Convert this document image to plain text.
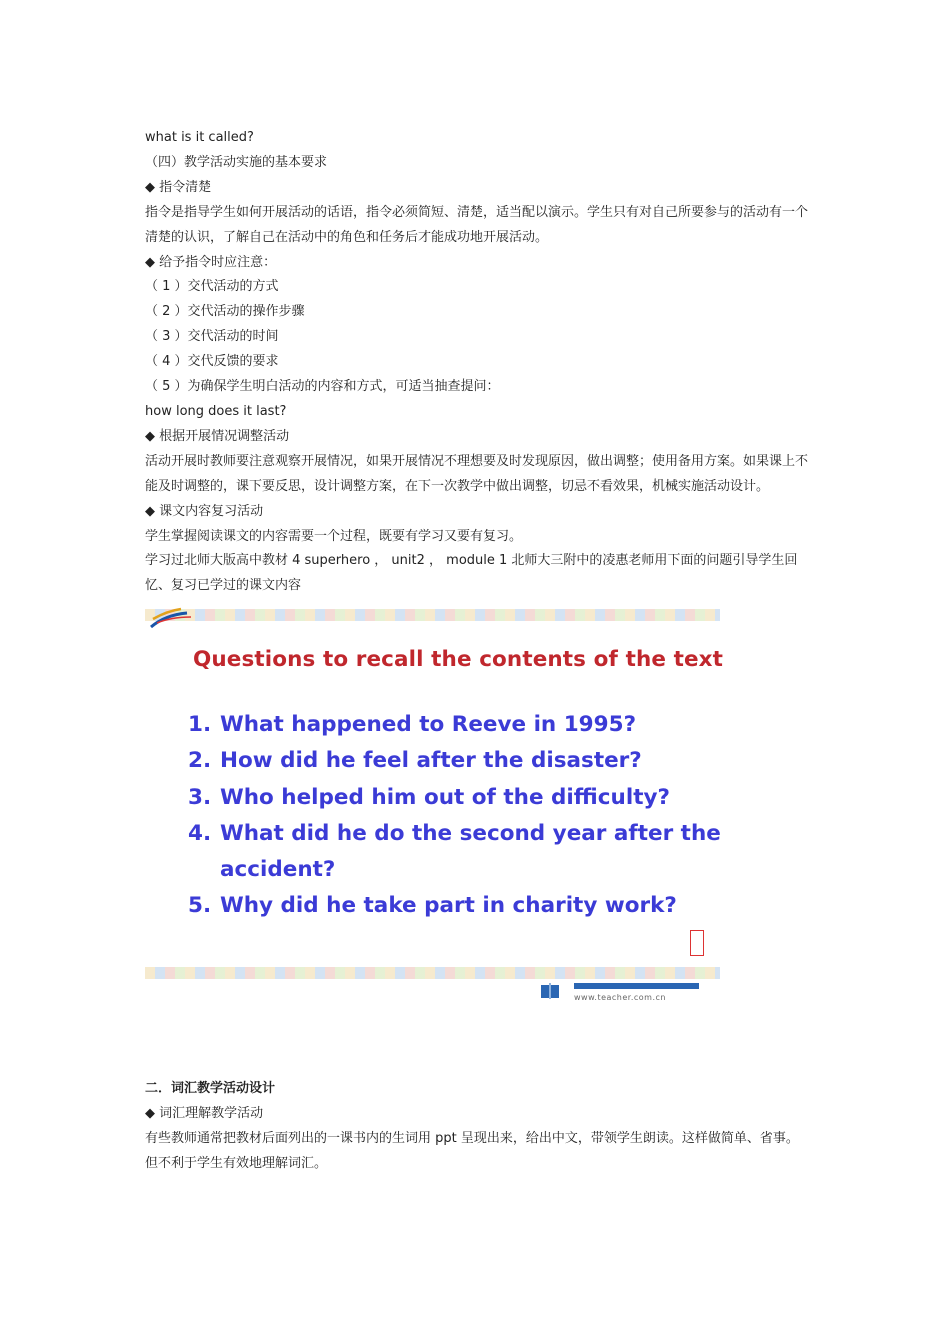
what is it called?
（四）教学活动实施的基本要求
◆ 指令清楚
指令是指导学生如何开展活动的话语，指令必须简短、清楚，适当配以演示。学生只有对自己所要参与的活动有一个清楚的认识，了解自己在活动中的角色和任务后才能成功地开展活动。
◆ 给予指令时应注意：
（ 1 ）交代活动的方式
（ 2 ）交代活动的操作步骤
（ 3 ）交代活动的时间
（ 4 ）交代反馈的要求
（ 5 ）为确保学生明白活动的内容和方式，可适当抽查提问：
how long does it last?
◆ 根据开展情况调整活动
活动开展时教师要注意观察开展情况，如果开展情况不理想要及时发现原因，做出调整；使用备用方案。如果课上不能及时调整的，课下要反思，设计调整方案，在下一次教学中做出调整，切忌不看效果，机械实施活动设计。
◆ 课文内容复习活动
学生掌握阅读课文的内容需要一个过程，既要有学习又要有复习。
学习过北师大版高中教材 4 superhero ， unit2 ， module 1 北师大三附中的凌惠老师用下面的问题引导学生回忆、复习已学过的课文内容
Questions to recall the contents of the text
1. What happened to Reeve in 1995?
2. How did he feel after the disaster?
3. Who helped him out of the difficulty?
4. What did he do the second year after the
accident?
5. Why did he take part in charity work?
www.teacher.com.cn
二．词汇教学活动设计
◆ 词汇理解教学活动
有些教师通常把教材后面列出的一课书内的生词用 ppt 呈现出来，给出中文，带领学生朗读。这样做简单、省事。但不利于学生有效地理解词汇。
